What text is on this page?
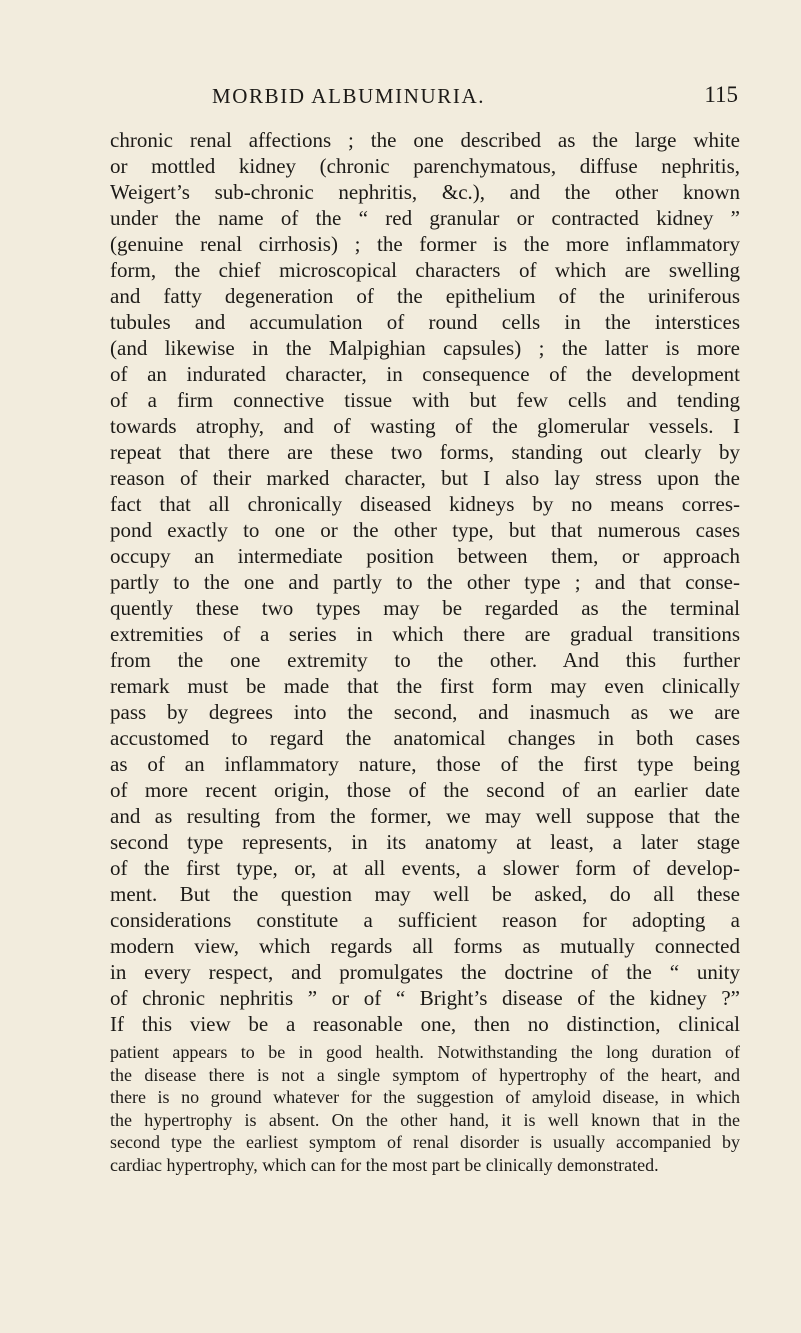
MORBID ALBUMINURIA.	115
chronic renal affections ; the one described as the large white
or mottled kidney (chronic parenchymatous, diffuse nephritis,
Weigert’s sub-chronic nephritis, &c.), and the other known
under the name of the “ red granular or contracted kidney ”
(genuine renal cirrhosis) ; the former is the more inflammatory
form, the chief microscopical characters of which are swelling
and fatty degeneration of the epithelium of the uriniferous
tubules and accumulation of round cells in the interstices
(and likewise in the Malpighian capsules) ; the latter is more
of an indurated character, in consequence of the development
of a firm connective tissue with but few cells and tending
towards atrophy, and of wasting of the glomerular vessels. I
repeat that there are these two forms, standing out clearly by
reason of their marked character, but I also lay stress upon the
fact that all chronically diseased kidneys by no means corres-
pond exactly to one or the other type, but that numerous cases
occupy an intermediate position between them, or approach
partly to the one and partly to the other type ; and that conse-
quently these two types may be regarded as the terminal
extremities of a series in which there are gradual transitions
from the one extremity to the other. And this further
remark must be made that the first form may even clinically
pass by degrees into the second, and inasmuch as we are
accustomed to regard the anatomical changes in both cases
as of an inflammatory nature, those of the first type being
of more recent origin, those of the second of an earlier date
and as resulting from the former, we may well suppose that the
second type represents, in its anatomy at least, a later stage
of the first type, or, at all events, a slower form of develop-
ment. But the question may well be asked, do all these
considerations constitute a sufficient reason for adopting a
modern view, which regards all forms as mutually connected
in every respect, and promulgates the doctrine of the “ unity
of chronic nephritis ” or of “ Bright’s disease of the kidney ?”
If this view be a reasonable one, then no distinction, clinical
patient appears to be in good health. Notwithstanding the long duration of
the disease there is not a single symptom of hypertrophy of the heart, and
there is no ground whatever for the suggestion of amyloid disease, in which
the hypertrophy is absent. On the other hand, it is well known that in the
second type the earliest symptom of renal disorder is usually accompanied by
cardiac hypertrophy, which can for the most part be clinically demonstrated.
